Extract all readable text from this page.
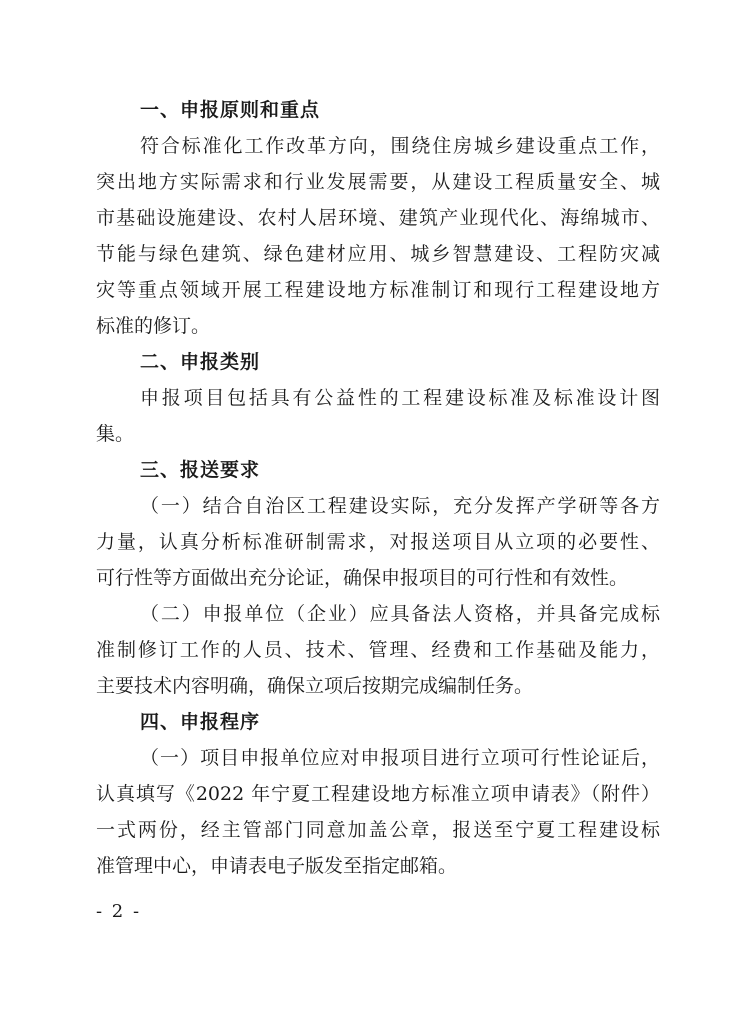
一、申报原则和重点
符合标准化工作改革方向，围绕住房城乡建设重点工作，
突出地方实际需求和行业发展需要，从建设工程质量安全、城
市基础设施建设、农村人居环境、建筑产业现代化、海绵城市、
节能与绿色建筑、绿色建材应用、城乡智慧建设、工程防灾减
灾等重点领域开展工程建设地方标准制订和现行工程建设地方
标准的修订。
二、申报类别
申报项目包括具有公益性的工程建设标准及标准设计图
集。
三、报送要求
（一）结合自治区工程建设实际，充分发挥产学研等各方
力量，认真分析标准研制需求，对报送项目从立项的必要性、
可行性等方面做出充分论证，确保申报项目的可行性和有效性。
（二）申报单位（企业）应具备法人资格，并具备完成标
准制修订工作的人员、技术、管理、经费和工作基础及能力，
主要技术内容明确，确保立项后按期完成编制任务。
四、申报程序
（一）项目申报单位应对申报项目进行立项可行性论证后，
认真填写《2022 年宁夏工程建设地方标准立项申请表》（附件）
一式两份，经主管部门同意加盖公章，报送至宁夏工程建设标
准管理中心，申请表电子版发至指定邮箱。
- 2 -
